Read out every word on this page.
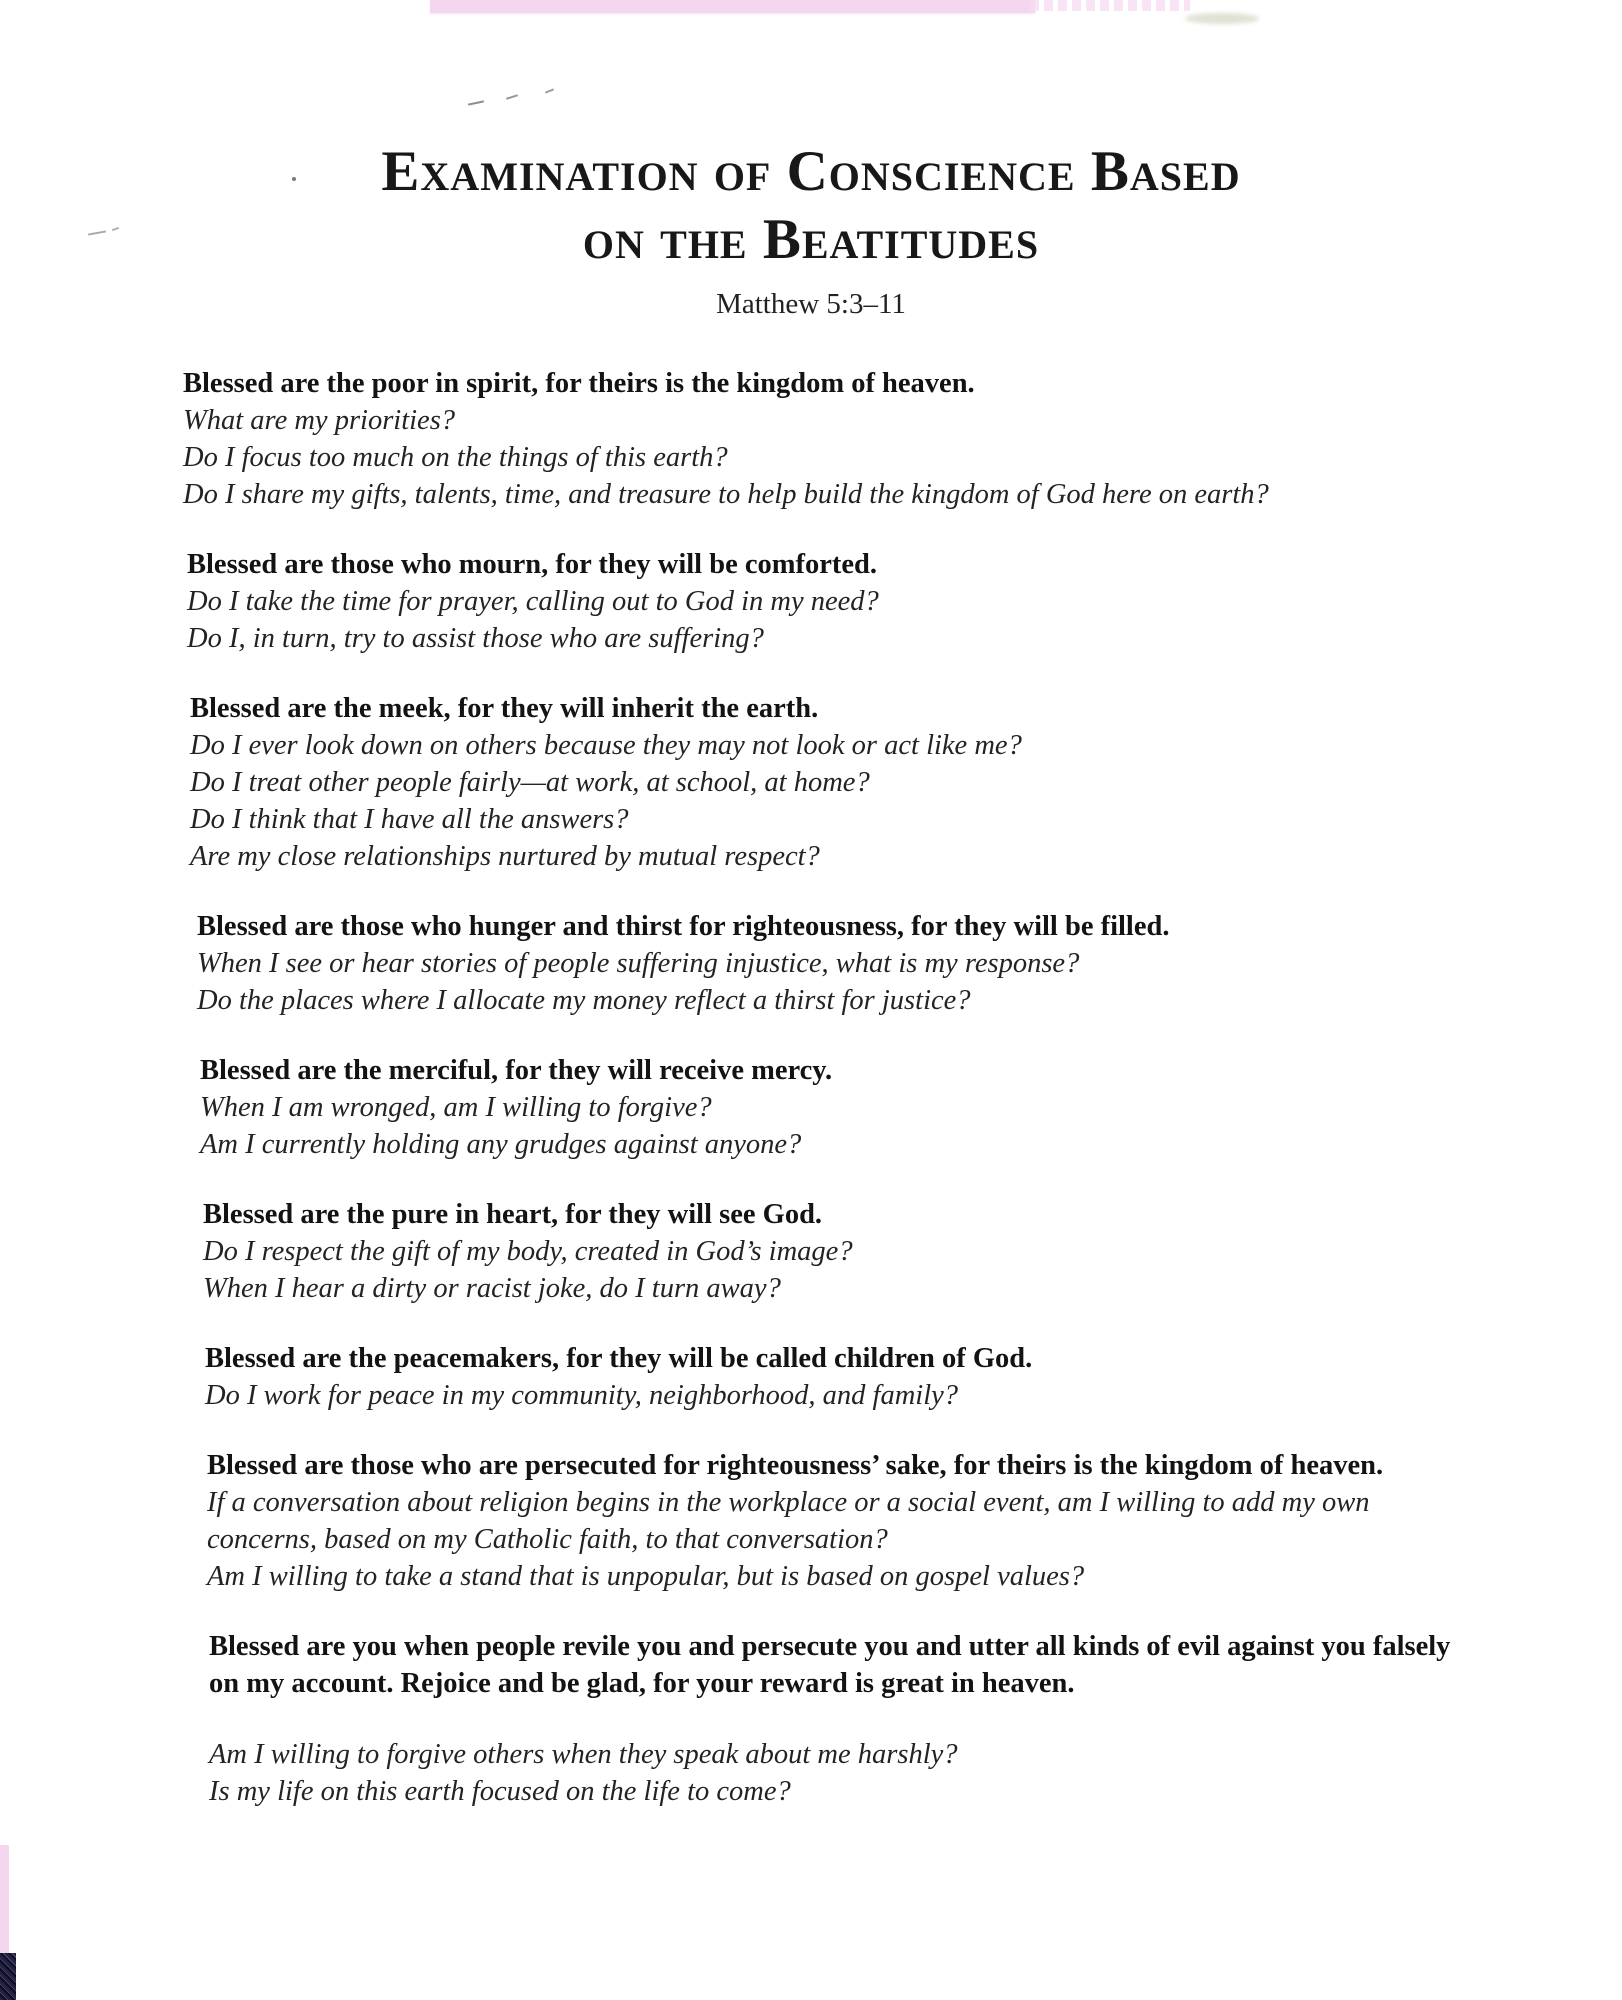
Examination of Conscience Based
on the Beatitudes
Matthew 5:3–11

Blessed are the poor in spirit, for theirs is the kingdom of heaven.

What are my priorities?

Do I focus too much on the things of this earth?

Do I share my gifts, talents, time, and treasure to help build the kingdom of God here on earth?

Blessed are those who mourn, for they will be comforted.

Do I take the time for prayer, calling out to God in my need?

Do I, in turn, try to assist those who are suffering?

Blessed are the meek, for they will inherit the earth.

Do I ever look down on others because they may not look or act like me?

Do I treat other people fairly—at work, at school, at home?

Do I think that I have all the answers?

Are my close relationships nurtured by mutual respect?

Blessed are those who hunger and thirst for righteousness, for they will be filled.

When I see or hear stories of people suffering injustice, what is my response?

Do the places where I allocate my money reflect a thirst for justice?

Blessed are the merciful, for they will receive mercy.

When I am wronged, am I willing to forgive?

Am I currently holding any grudges against anyone?

Blessed are the pure in heart, for they will see God.

Do I respect the gift of my body, created in God’s image?

When I hear a dirty or racist joke, do I turn away?

Blessed are the peacemakers, for they will be called children of God.

Do I work for peace in my community, neighborhood, and family?

Blessed are those who are persecuted for righteousness’ sake, for theirs is the kingdom of heaven.

If a conversation about religion begins in the workplace or a social event, am I willing to add my own concerns, based on my Catholic faith, to that conversation?

Am I willing to take a stand that is unpopular, but is based on gospel values?

Blessed are you when people revile you and persecute you and utter all kinds of evil against you falsely on my account. Rejoice and be glad, for your reward is great in heaven.

Am I willing to forgive others when they speak about me harshly?

Is my life on this earth focused on the life to come?
